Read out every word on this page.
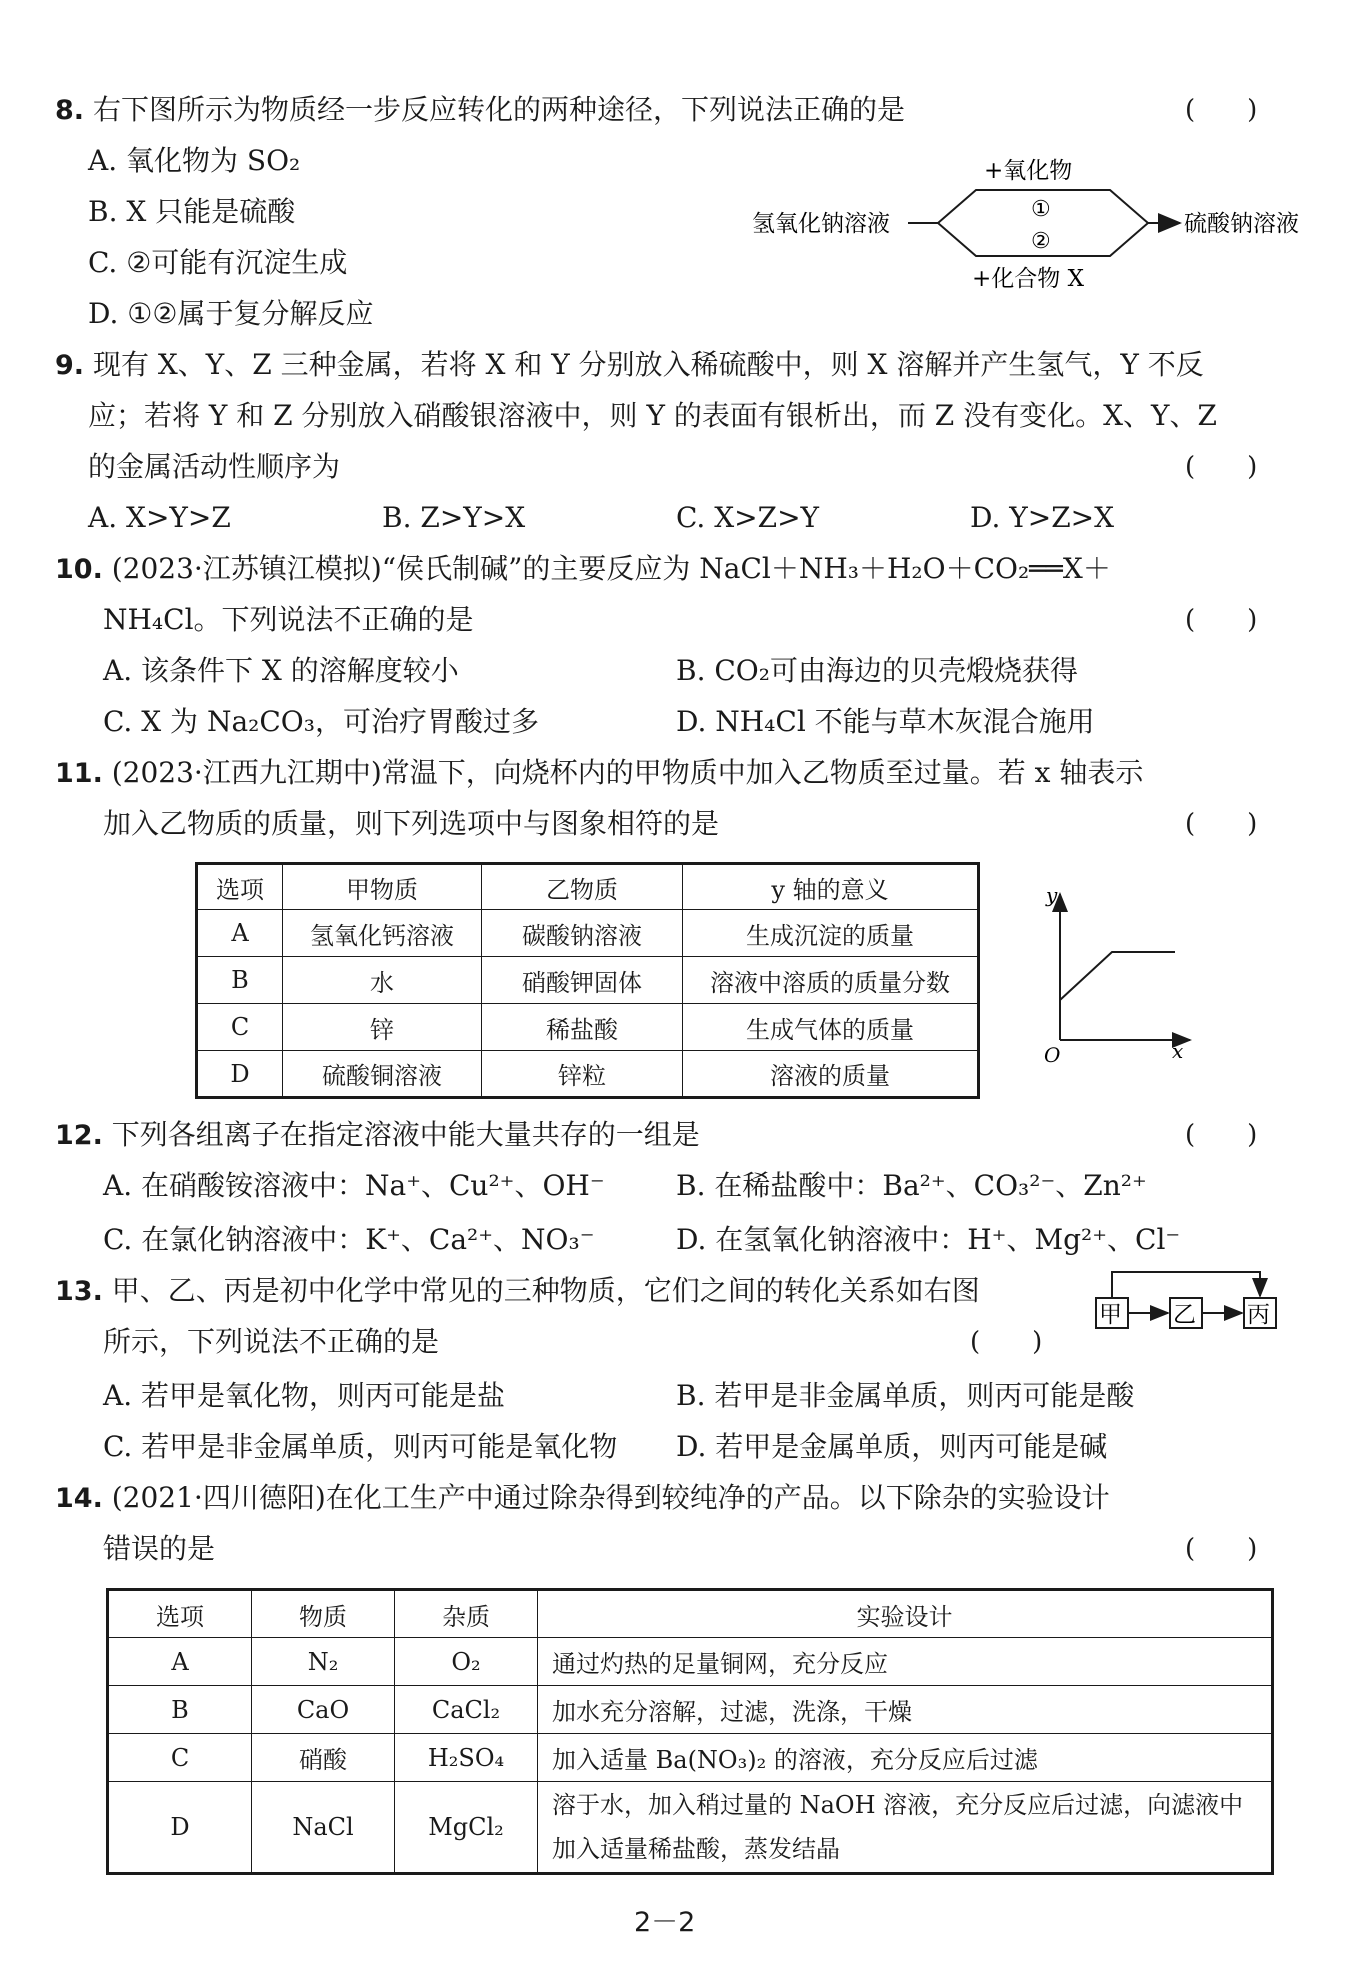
8. 右下图所示为物质经一步反应转化的两种途径，下列说法正确的是	(　　)
A. 氧化物为 SO₂
B. X 只能是硫酸
C. ②可能有沉淀生成
D. ①②属于复分解反应
氢氧化钠溶液	硫酸钠溶液
+氧化物
①
②
+化合物 X
9. 现有 X、Y、Z 三种金属，若将 X 和 Y 分别放入稀硫酸中，则 X 溶解并产生氢气，Y 不反
应；若将 Y 和 Z 分别放入硝酸银溶液中，则 Y 的表面有银析出，而 Z 没有变化。X、Y、Z
的金属活动性顺序为	(　　)
A. X>Y>Z	B. Z>Y>X	C. X>Z>Y	D. Y>Z>X
10. (2023·江苏镇江模拟)“侯氏制碱”的主要反应为 NaCl＋NH₃＋H₂O＋CO₂══X＋
NH₄Cl。下列说法不正确的是	(　　)
A. 该条件下 X 的溶解度较小	B. CO₂可由海边的贝壳煅烧获得
C. X 为 Na₂CO₃，可治疗胃酸过多	D. NH₄Cl 不能与草木灰混合施用
11. (2023·江西九江期中)常温下，向烧杯内的甲物质中加入乙物质至过量。若 x 轴表示
加入乙物质的质量，则下列选项中与图象相符的是	(　　)
选项	甲物质	乙物质	y 轴的意义
A	氢氧化钙溶液	碳酸钠溶液	生成沉淀的质量
B	水	硝酸钾固体	溶液中溶质的质量分数
C	锌	稀盐酸	生成气体的质量
D	硫酸铜溶液	锌粒	溶液的质量
y
x
O
12. 下列各组离子在指定溶液中能大量共存的一组是	(　　)
A. 在硝酸铵溶液中：Na⁺、Cu²⁺、OH⁻	B. 在稀盐酸中：Ba²⁺、CO₃²⁻、Zn²⁺
C. 在氯化钠溶液中：K⁺、Ca²⁺、NO₃⁻	D. 在氢氧化钠溶液中：H⁺、Mg²⁺、Cl⁻
13. 甲、乙、丙是初中化学中常见的三种物质，它们之间的转化关系如右图
所示，下列说法不正确的是	(　　)
甲 乙 丙
A. 若甲是氧化物，则丙可能是盐	B. 若甲是非金属单质，则丙可能是酸
C. 若甲是非金属单质，则丙可能是氧化物 D. 若甲是金属单质，则丙可能是碱
14. (2021·四川德阳)在化工生产中通过除杂得到较纯净的产品。以下除杂的实验设计
错误的是	(　　)
选项	物质	杂质	实验设计
A	N₂	O₂	通过灼热的足量铜网，充分反应
B	CaO	CaCl₂	加水充分溶解，过滤，洗涤，干燥
C	硝酸	H₂SO₄	加入适量 Ba(NO₃)₂ 的溶液，充分反应后过滤
D	NaCl	MgCl₂	溶于水，加入稍过量的 NaOH 溶液，充分反应后过滤，向滤液中加入适量稀盐酸，蒸发结晶
2－2
